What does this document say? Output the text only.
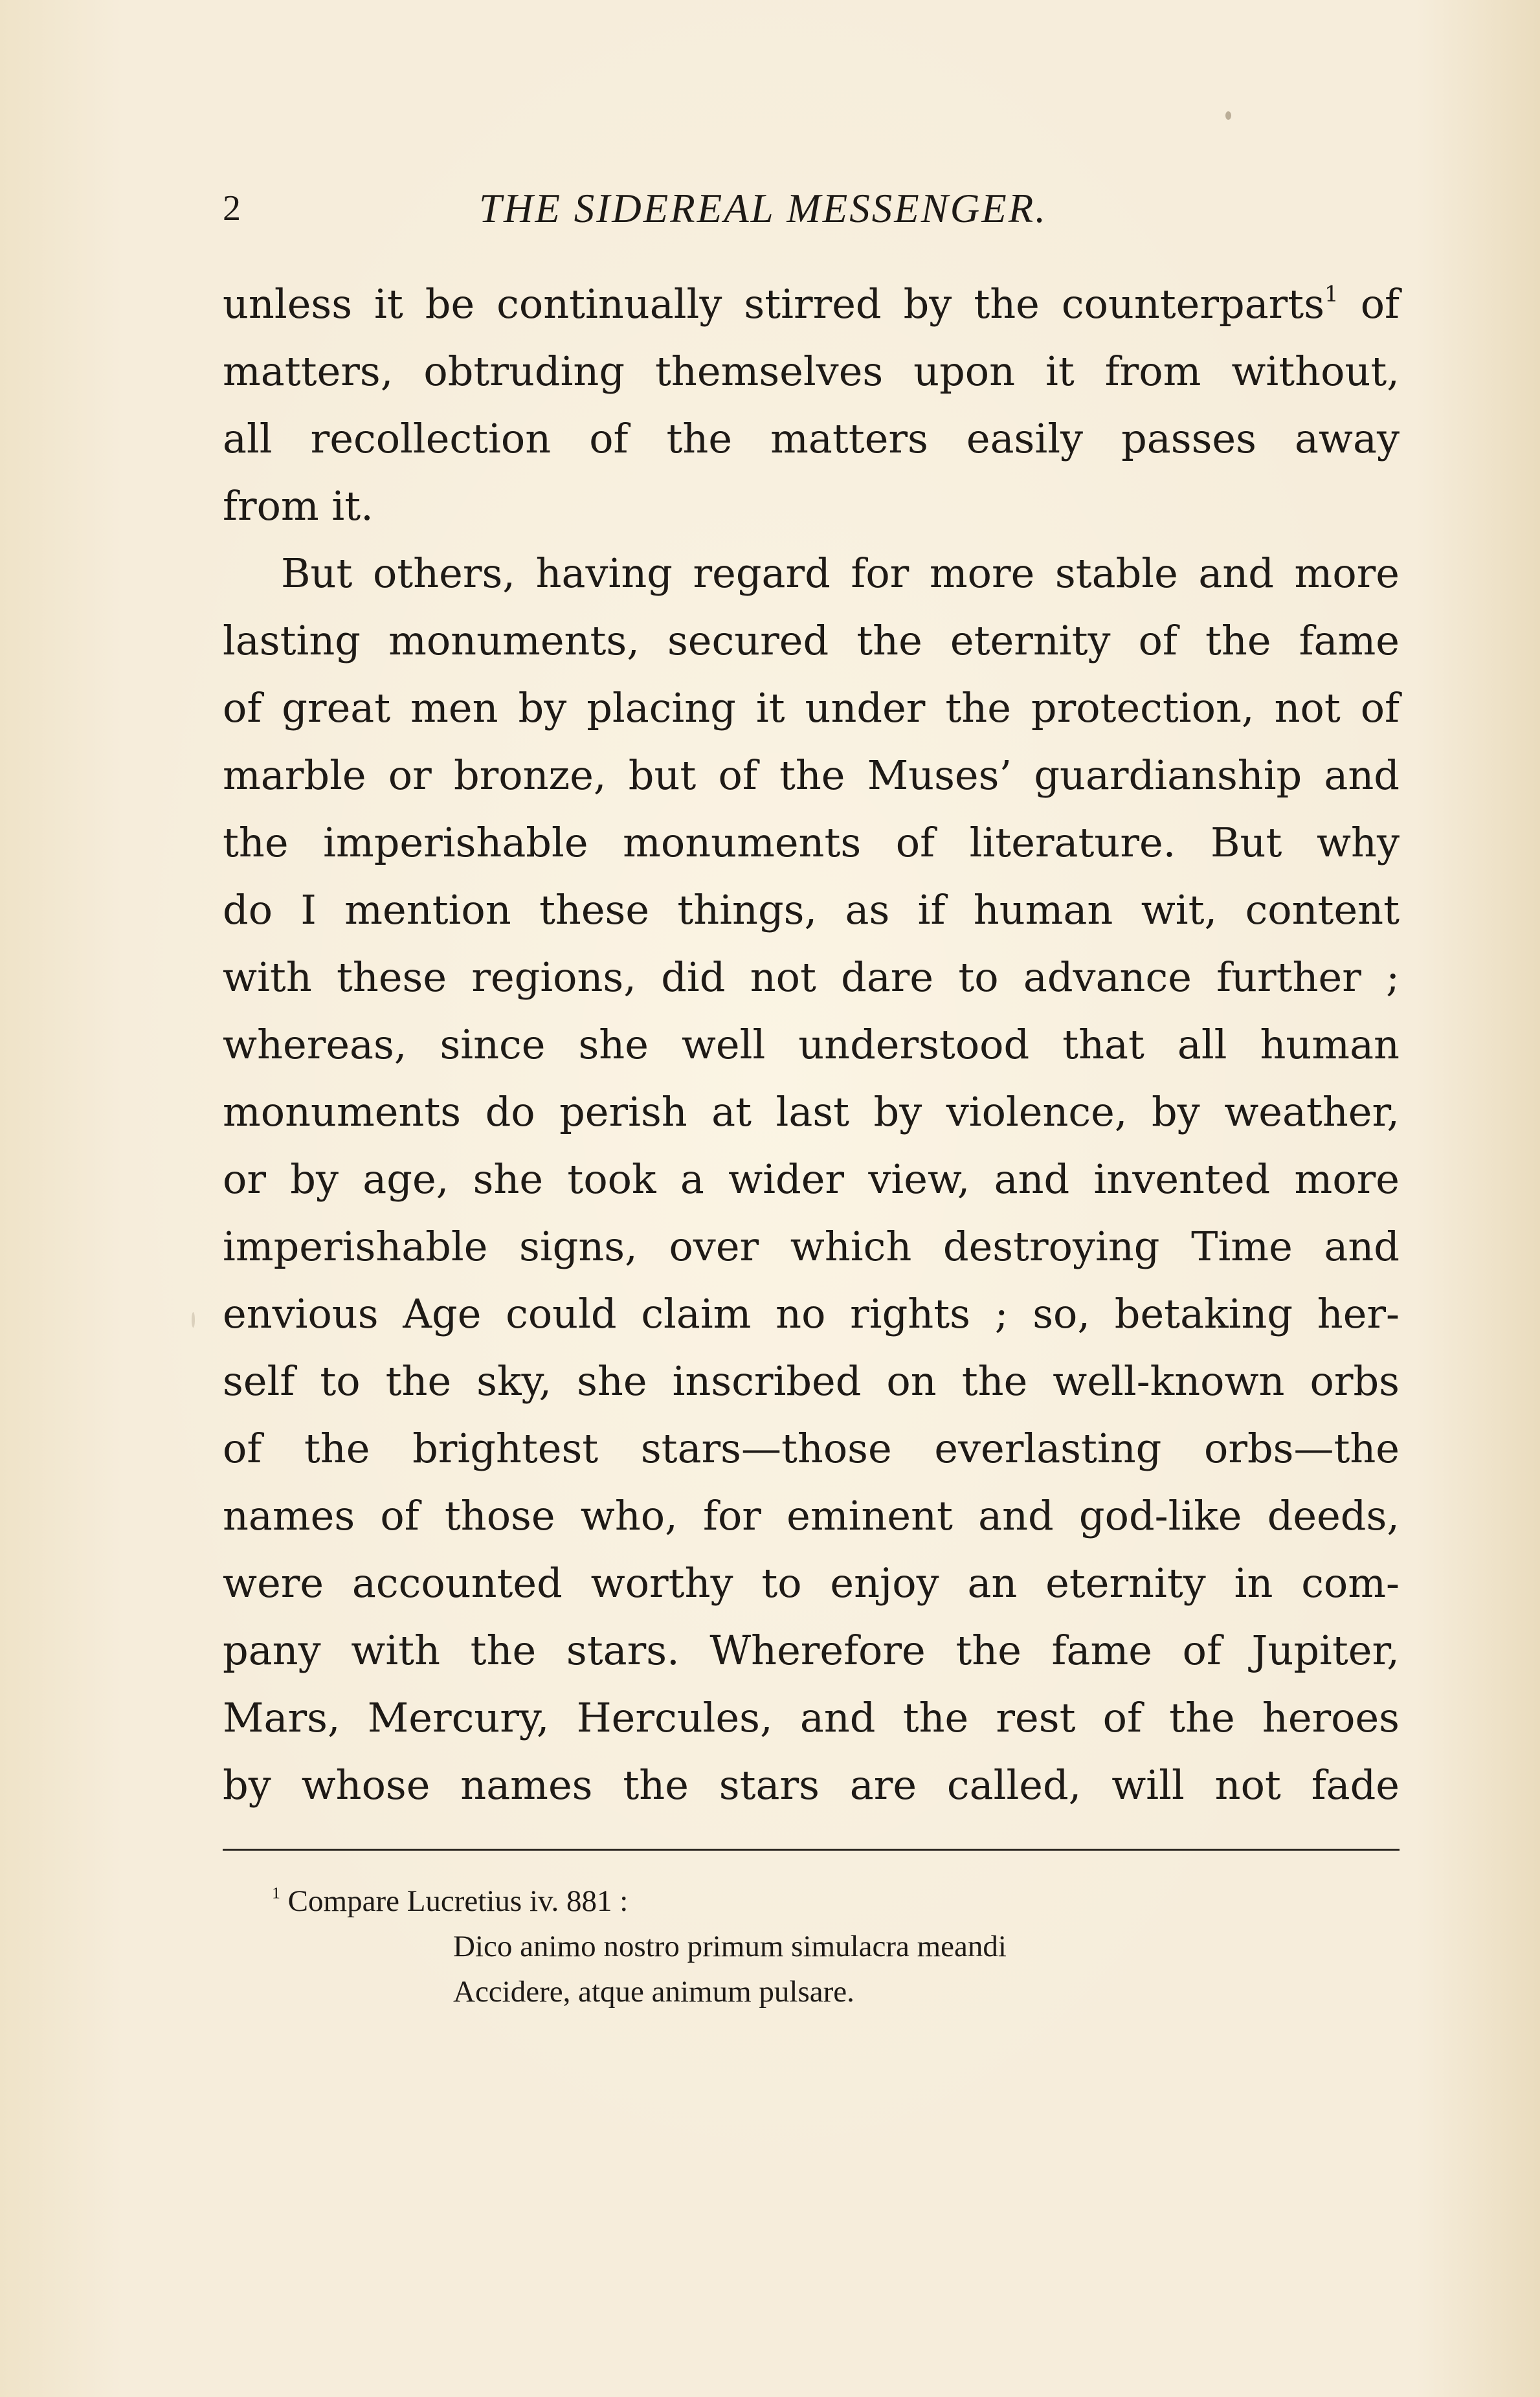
2	THE SIDEREAL MESSENGER.
unless it be continually stirred by the counterparts$^1$ of
matters, obtruding themselves upon it from without,
all recollection of the matters easily passes away
from it.
But others, having regard for more stable and more
lasting monuments, secured the eternity of the fame
of great men by placing it under the protection, not of
marble or bronze, but of the Muses’ guardianship and
the imperishable monuments of literature. But why
do I mention these things, as if human wit, content
with these regions, did not dare to advance further ;
whereas, since she well understood that all human
monuments do perish at last by violence, by weather,
or by age, she took a wider view, and invented more
imperishable signs, over which destroying Time and
envious Age could claim no rights ; so, betaking her-
self to the sky, she inscribed on the well-known orbs
of the brightest stars—those everlasting orbs—the
names of those who, for eminent and god-like deeds,
were accounted worthy to enjoy an eternity in com-
pany with the stars. Wherefore the fame of Jupiter,
Mars, Mercury, Hercules, and the rest of the heroes
by whose names the stars are called, will not fade
$^1$ Compare Lucretius iv. 881 :
Dico animo nostro primum simulacra meandi
Accidere, atque animum pulsare.
